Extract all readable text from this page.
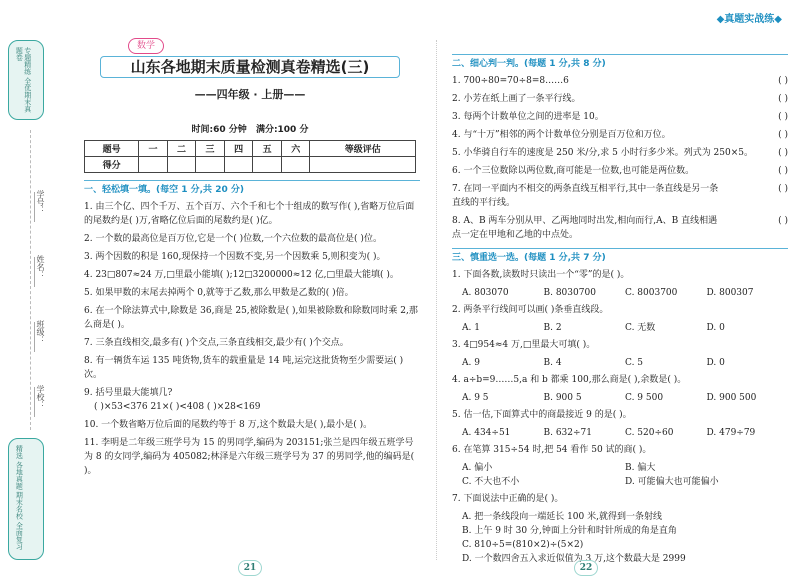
专题精练 全优期末真题卷
学号：
姓名：
班级：
学校：
精选 各地真题 期末名校 全面复习
◆真题实战练◆
数学
山东各地期末质量检测真卷精选(三)
——四年级 · 上册——
时间:60 分钟 满分:100 分
题号	一	二	三	四	五	六	等级评估
得分							
一、轻松填一填。(每空 1 分,共 20 分)
1. 由三个亿、四个千万、五个百万、六个千和七个十组成的数写作( ),省略万位后面的尾数约是( )万,省略亿位后面的尾数约是( )亿。
2. 一个数的最高位是百万位,它是一个( )位数,一个六位数的最高位是( )位。
3. 两个因数的积是 160,现保持一个因数不变,另一个因数乘 5,则积变为( )。
4. 23□807≈24 万,□里最小能填( );12□3200000≈12 亿,□里最大能填( )。
5. 如果甲数的末尾去掉两个 0,就等于乙数,那么甲数是乙数的( )倍。
6. 在一个除法算式中,除数是 36,商是 25,被除数是( ),如果被除数和除数同时乘 2,那么商是( )。
7. 三条直线相交,最多有( )个交点,三条直线相交,最少有( )个交点。
8. 有一辆货车运 135 吨货物,货车的载重量是 14 吨,运完这批货物至少需要运( )次。
9. 括号里最大能填几?
( )×53<376 21×( )<408 ( )×28<169
10. 一个数省略万位后面的尾数约等于 8 万,这个数最大是( ),最小是( )。
11. 李明是二年级三班学号为 15 的男同学,编码为 203151;张兰是四年级五班学号为 8 的女同学,编码为 405082;林泽是六年级三班学号为 37 的男同学,他的编码是( )。
21
二、细心判一判。(每题 1 分,共 8 分)
1. 700÷80=70÷8=8……6	( )
2. 小芳在纸上画了一条平行线。	( )
3. 每两个计数单位之间的进率是 10。	( )
4. 与“十万”相邻的两个计数单位分别是百万位和万位。	( )
5. 小华骑自行车的速度是 250 米/分,求 5 小时行多少米。列式为 250×5。	( )
6. 一个三位数除以两位数,商可能是一位数,也可能是两位数。	( )
7. 在同一平面内不相交的两条直线互相平行,其中一条直线是另一条直线的平行线。
( )
8. A、B 两车分别从甲、乙两地同时出发,相向而行,A、B 直线相遇点一定在甲地和乙地的中点处。
( )
三、慎重选一选。(每题 1 分,共 7 分)
1. 下面各数,读数时只读出一个“零”的是( )。
A. 803070	B. 8030700	C. 8003700	D. 800307
2. 两条平行线间可以画( )条垂直线段。
A. 1	B. 2	C. 无数	D. 0
3. 4□954≈4 万,□里最大可填( )。
A. 9	B. 4	C. 5	D. 0
4. a÷b=9……5,a 和 b 都乘 100,那么商是( ),余数是( )。
A. 9 5	B. 900 5	C. 9 500	D. 900 500
5. 估一估,下面算式中的商最接近 9 的是( )。
A. 434÷51	B. 632÷71	C. 520÷60	D. 479÷79
6. 在笔算 315÷54 时,把 54 看作 50 试的商( )。
A. 偏小	B. 偏大
C. 不大也不小	D. 可能偏大也可能偏小
7. 下面说法中正确的是( )。
A. 把一条线段向一端延长 100 米,就得到一条射线
B. 上午 9 时 30 分,钟面上分针和时针所成的角是直角
C. 810÷5=(810×2)÷(5×2)
D. 一个数四舍五入求近似值为 3 万,这个数最大是 2999
22
